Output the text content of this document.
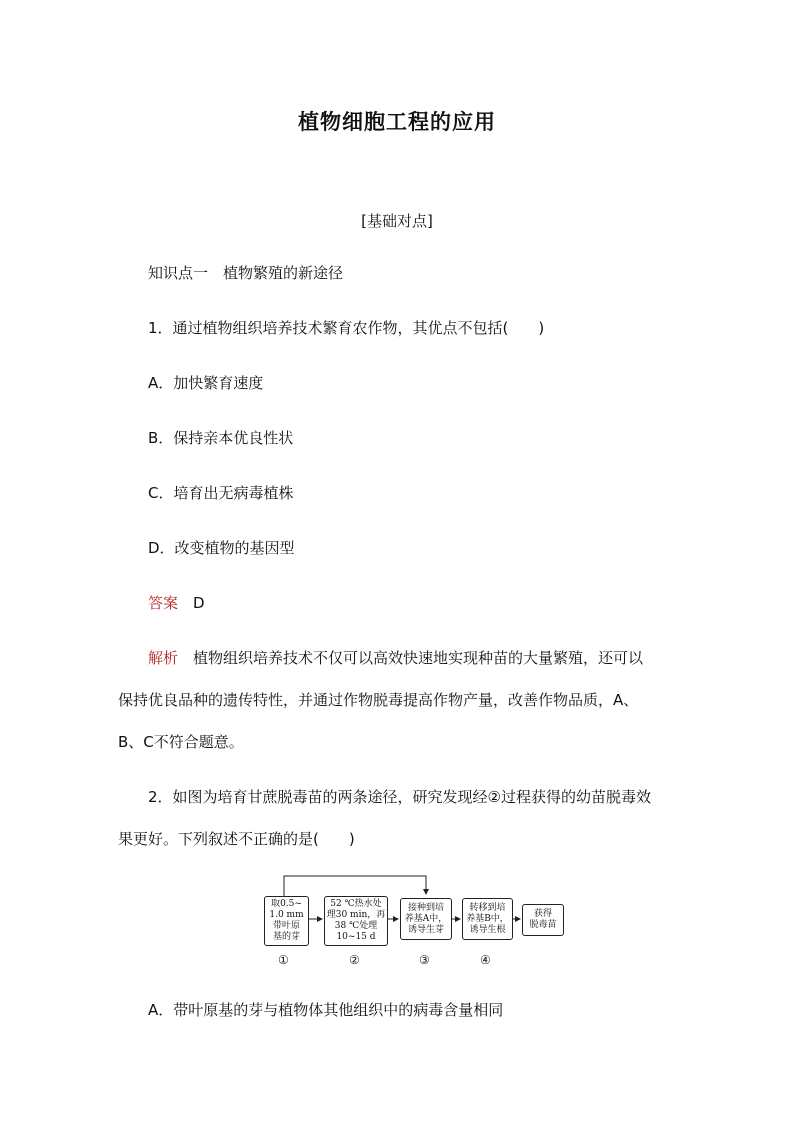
植物细胞工程的应用
[基础对点]
知识点一　植物繁殖的新途径
1．通过植物组织培养技术繁育农作物，其优点不包括(　　)
A．加快繁育速度
B．保持亲本优良性状
C．培育出无病毒植株
D．改变植物的基因型
答案　 D
解析　 植物组织培养技术不仅可以高效快速地实现种苗的大量繁殖，还可以
保持优良品种的遗传特性，并通过作物脱毒提高作物产量，改善作物品质，A、
B、C不符合题意。
2．如图为培育甘蔗脱毒苗的两条途径，研究发现经②过程获得的幼苗脱毒效
果更好。下列叙述不正确的是(　　)
取0.5~
1.0 mm
带叶原
基的芽
52 ℃热水处
理30 min，再
38 ℃处理
10~15 d
接种到培
养基A中，
诱导生芽
转移到培
养基B中，
诱导生根
获得
脱毒苗
①	②	③	④
A．带叶原基的芽与植物体其他组织中的病毒含量相同
